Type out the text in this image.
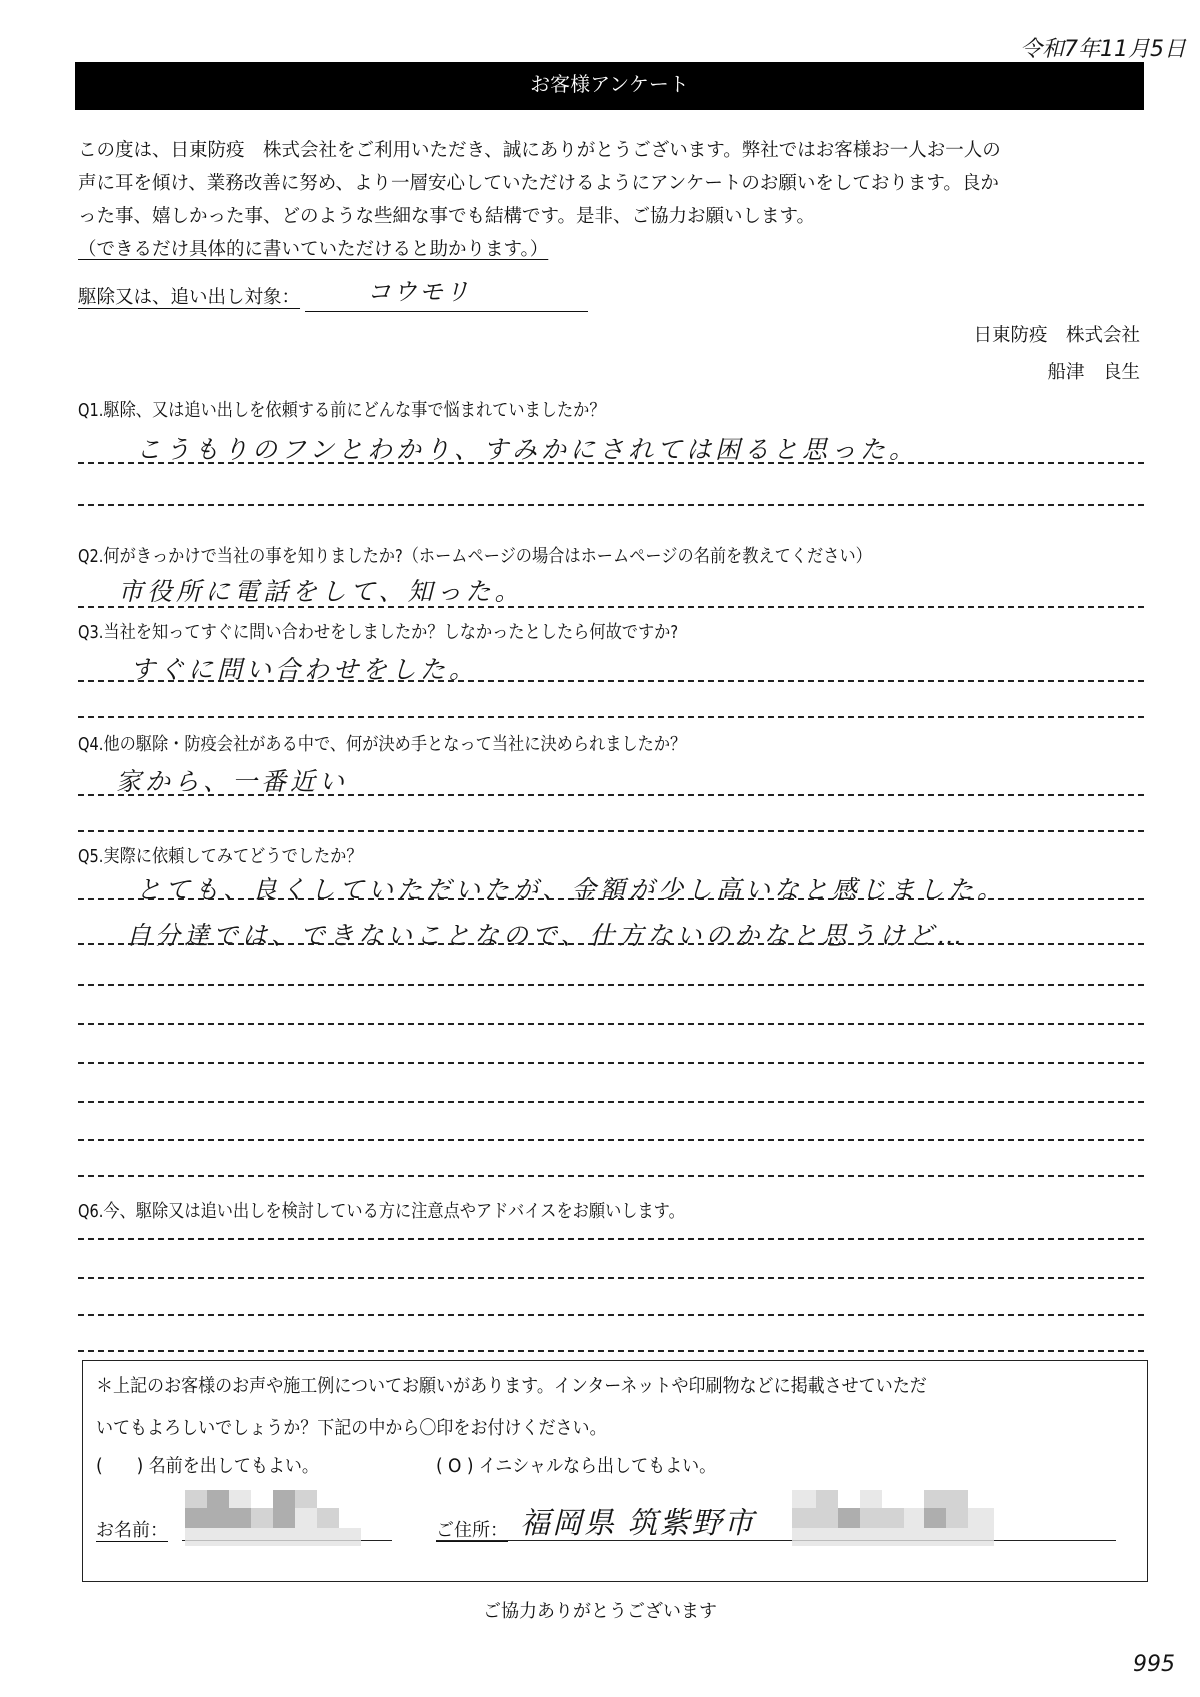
令和7年11月5日
お客様アンケート

この度は、日東防疫　株式会社をご利用いただき、誠にありがとうございます。弊社ではお客様お一人お一人の

声に耳を傾け、業務改善に努め、より一層安心していただけるようにアンケートのお願いをしております。良か

った事、嬉しかった事、どのような些細な事でも結構です。是非、ご協力お願いします。

（できるだけ具体的に書いていただけると助かります。）

駆除又は、追い出し対象：	コウモリ
日東防疫　株式会社
船津　良生
Q1.駆除、又は追い出しを依頼する前にどんな事で悩まれていましたか？
こうもりのフンとわかり、すみかにされては困ると思った。
Q2.何がきっかけで当社の事を知りましたか?（ホームページの場合はホームページの名前を教えてください）
市役所に電話をして、知った。
Q3.当社を知ってすぐに問い合わせをしましたか？しなかったとしたら何故ですか?
すぐに問い合わせをした。
Q4.他の駆除・防疫会社がある中で、何が決め手となって当社に決められましたか？
家から、一番近い
Q5.実際に依頼してみてどうでしたか？
とても、良くしていただいたが、金額が少し高いなと感じました。
自分達では、できないことなので、仕方ないのかなと思うけど…
Q6.今、駆除又は追い出しを検討している方に注意点やアドバイスをお願いします。
＊上記のお客様のお声や施工例についてお願いがあります。インターネットや印刷物などに掲載させていただ
いてもよろしいでしょうか？下記の中から〇印をお付けください。
(　　) 名前を出してもよい。	( O ) イニシャルなら出してもよい。
お名前：	ご住所： 福岡県 筑紫野市
ご協力ありがとうございます
995
